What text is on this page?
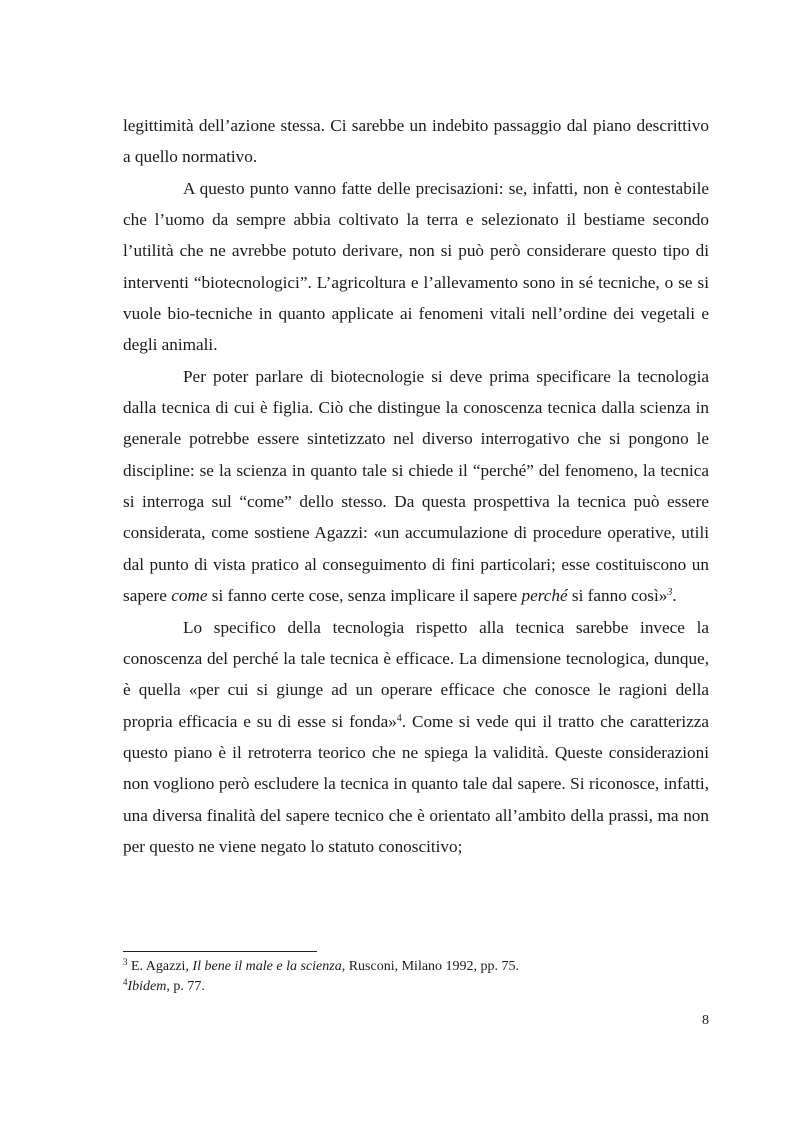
legittimità dell’azione stessa. Ci sarebbe un indebito passaggio dal piano descrittivo a quello normativo.

A questo punto vanno fatte delle precisazioni: se, infatti, non è contestabile che l’uomo da sempre abbia coltivato la terra e selezionato il bestiame secondo l’utilità che ne avrebbe potuto derivare, non si può però considerare questo tipo di interventi “biotecnologici”. L’agricoltura e l’allevamento sono in sé tecniche, o se si vuole bio-tecniche in quanto applicate ai fenomeni vitali nell’ordine dei vegetali e degli animali.

Per poter parlare di biotecnologie si deve prima specificare la tecnologia dalla tecnica di cui è figlia. Ciò che distingue la conoscenza tecnica dalla scienza in generale potrebbe essere sintetizzato nel diverso interrogativo che si pongono le discipline: se la scienza in quanto tale si chiede il “perché” del fenomeno, la tecnica si interroga sul “come” dello stesso. Da questa prospettiva la tecnica può essere considerata, come sostiene Agazzi: «un accumulazione di procedure operative, utili dal punto di vista pratico al conseguimento di fini particolari; esse costituiscono un sapere come si fanno certe cose, senza implicare il sapere perché si fanno così»$^3$.

Lo specifico della tecnologia rispetto alla tecnica sarebbe invece la conoscenza del perché la tale tecnica è efficace. La dimensione tecnologica, dunque, è quella «per cui si giunge ad un operare efficace che conosce le ragioni della propria efficacia e su di esse si fonda»$^4$. Come si vede qui il tratto che caratterizza questo piano è il retroterra teorico che ne spiega la validità. Queste considerazioni non vogliono però escludere la tecnica in quanto tale dal sapere. Si riconosce, infatti, una diversa finalità del sapere tecnico che è orientato all’ambito della prassi, ma non per questo ne viene negato lo statuto conoscitivo;

$^3$ E. Agazzi, Il bene il male e la scienza, Rusconi, Milano 1992, pp. 75.
$^4$Ibidem, p. 77.
8
